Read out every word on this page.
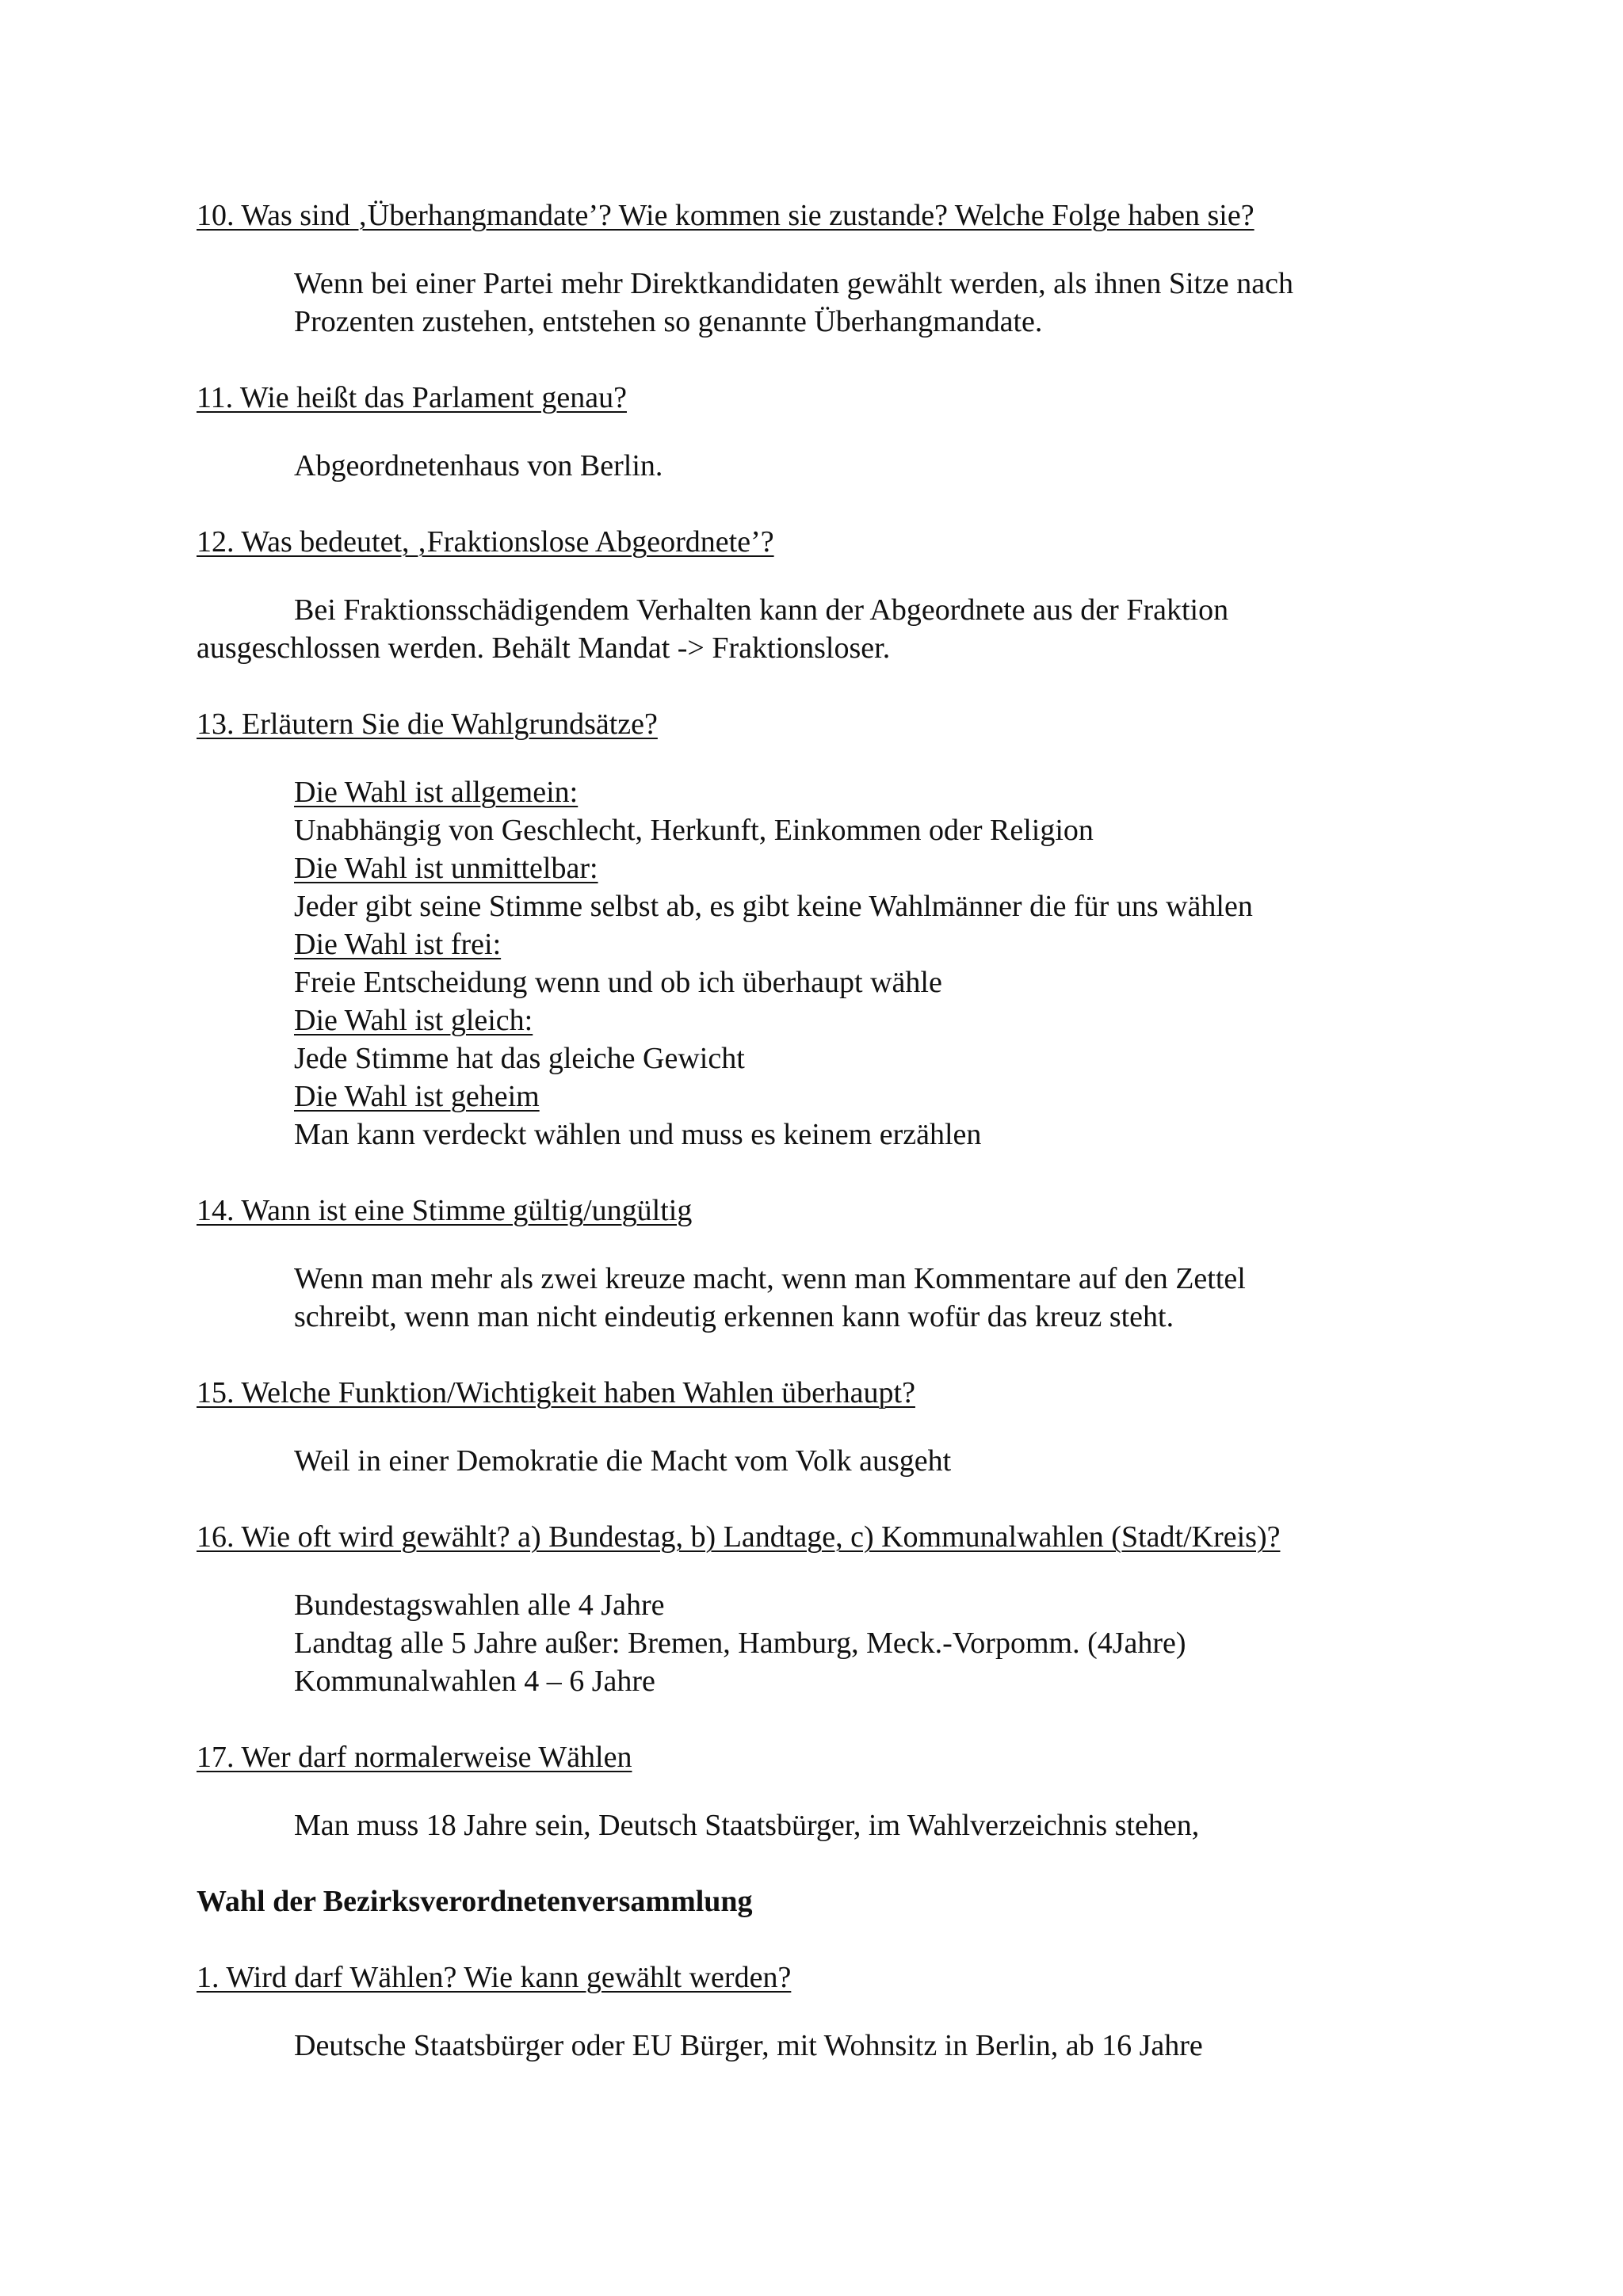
10. Was sind ‚Überhangmandate’? Wie kommen sie zustande? Welche Folge haben sie?

Wenn bei einer Partei mehr Direktkandidaten gewählt werden, als ihnen Sitze nach

Prozenten zustehen, entstehen so genannte Überhangmandate.

11. Wie heißt das Parlament genau?

Abgeordnetenhaus von Berlin.

12. Was bedeutet, ‚Fraktionslose Abgeordnete’?

Bei Fraktionsschädigendem Verhalten kann der Abgeordnete aus der Fraktion

ausgeschlossen werden. Behält Mandat -> Fraktionsloser.

13. Erläutern Sie die Wahlgrundsätze?

Die Wahl ist allgemein:

Unabhängig von Geschlecht, Herkunft, Einkommen oder Religion

Die Wahl ist unmittelbar:

Jeder gibt seine Stimme selbst ab, es gibt keine Wahlmänner die für uns wählen

Die Wahl ist frei:

Freie Entscheidung wenn und ob ich überhaupt wähle

Die Wahl ist gleich:

Jede Stimme hat das gleiche Gewicht

Die Wahl ist geheim

Man kann verdeckt wählen und muss es keinem erzählen

14. Wann ist eine Stimme gültig/ungültig

Wenn man mehr als zwei kreuze macht, wenn man Kommentare auf den Zettel

schreibt, wenn man nicht eindeutig erkennen kann wofür das kreuz steht.

15. Welche Funktion/Wichtigkeit haben Wahlen überhaupt?

Weil in einer Demokratie die Macht vom Volk ausgeht

16. Wie oft wird gewählt? a) Bundestag, b) Landtage, c) Kommunalwahlen (Stadt/Kreis)?

Bundestagswahlen alle 4 Jahre

Landtag alle 5 Jahre außer: Bremen, Hamburg, Meck.-Vorpomm. (4Jahre)

Kommunalwahlen 4 – 6 Jahre

17. Wer darf normalerweise Wählen

Man muss 18 Jahre sein, Deutsch Staatsbürger, im Wahlverzeichnis stehen,

Wahl der Bezirksverordnetenversammlung

1. Wird darf Wählen? Wie kann gewählt werden?

Deutsche Staatsbürger oder EU Bürger, mit Wohnsitz in Berlin, ab 16 Jahre
